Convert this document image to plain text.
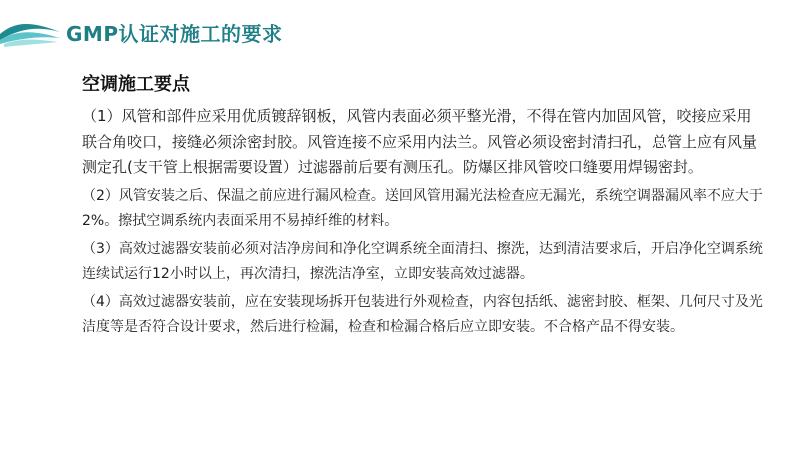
GMP认证对施工的要求
空调施工要点

（1）风管和部件应采用优质镀辞钢板，风管内表面必须平整光滑，不得在管内加固风管，咬接应采用联合角咬口，接缝必须涂密封胶。风管连接不应采用内法兰。风管必须设密封清扫孔，总管上应有风量测定孔(支干管上根据需要设置）过滤器前后要有测压孔。防爆区排风管咬口缝要用焊锡密封。

（2）风管安装之后、保温之前应进行漏风检查。送回风管用漏光法检查应无漏光，系统空调器漏风率不应大于2%。擦拭空调系统内表面采用不易掉纤维的材料。

（3）高效过滤器安装前必须对洁净房间和净化空调系统全面清扫、擦洗，达到清洁要求后，开启净化空调系统连续试运行12小时以上，再次清扫，擦洗洁净室，立即安装高效过滤器。

（4）高效过滤器安装前，应在安装现场拆开包装进行外观检查，内容包括纸、滤密封胶、框架、几何尺寸及光洁度等是否符合设计要求，然后进行检漏，检查和检漏合格后应立即安装。不合格产品不得安装。
